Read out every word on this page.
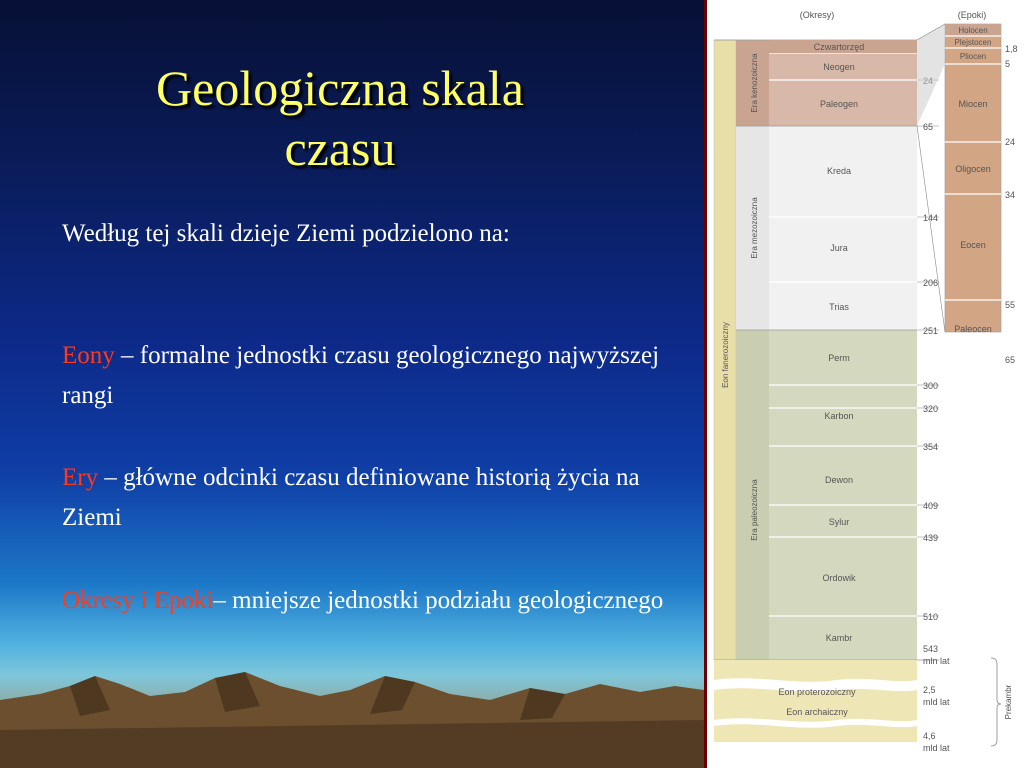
Geologiczna skala
czasu
Według tej skali dzieje Ziemi podzielono na:
Eony – formalne jednostki czasu geologicznego najwyższej rangi
Ery – główne odcinki czasu definiowane historią życia na Ziemi
Okresy i Epoki– mniejsze jednostki podziału geologicznego
Czwartorzęd
Neogen
Paleogen
Kreda
Jura
Trias
Perm
Karbon
Dewon
Sylur
Ordowik
Kambr
Era kenozoiczna
Era mezozoiczna
Era paleozoiczna
Eon fanerozoiczny
(Okresy)	(Epoki)
65
144
206
251
300
320
354
409
439
510
543
mln lat
Holocen
Plejstocen
Pliocen
Miocen
Oligocen
Eocen
Paleocen
1,8
5
24
34
55
65
Eon proterozoiczny
Eon archaiczny
2,5
mld lat
4,6
mld lat
Prekambr
